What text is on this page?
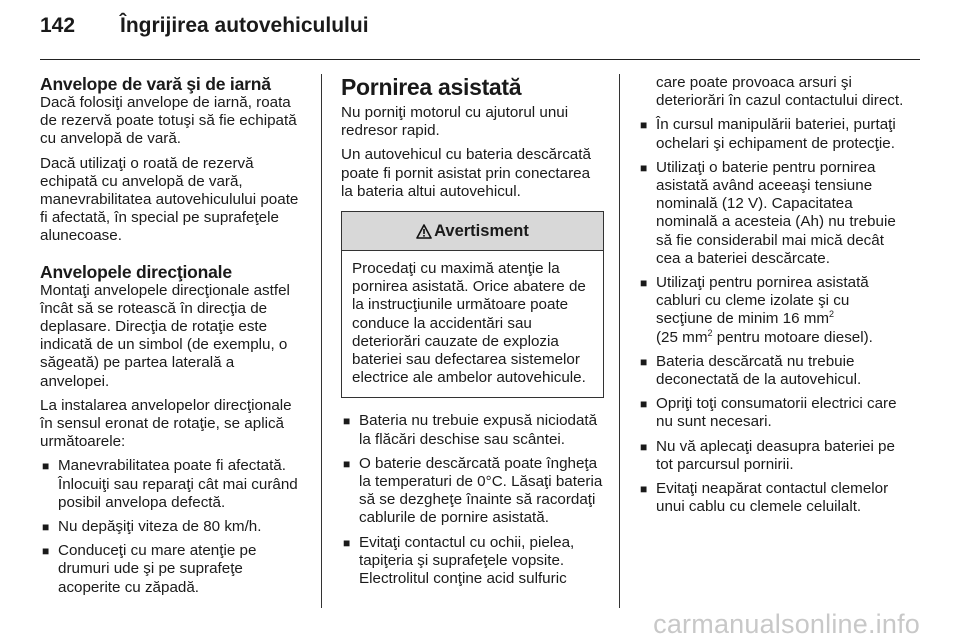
142	Îngrijirea autovehiculului
Anvelope de vară şi de iarnă

Dacă folosiţi anvelope de iarnă, roata de rezervă poate totuşi să fie echipată cu anvelopă de vară.

Dacă utilizaţi o roată de rezervă echipată cu anvelopă de vară, manevrabilitatea autovehiculului poate fi afectată, în special pe suprafeţele alunecoase.

Anvelopele direcţionale

Montaţi anvelopele direcţionale astfel încât să se rotească în direcţia de deplasare. Direcţia de rotaţie este indicată de un simbol (de exemplu, o săgeată) pe partea laterală a anvelopei.

La instalarea anvelopelor direcţionale în sensul eronat de rotaţie, se aplică următoarele:

■ Manevrabilitatea poate fi afectată. Înlocuiţi sau reparaţi cât mai curând posibil anvelopa defectă.
■ Nu depăşiţi viteza de 80 km/h.
■ Conduceţi cu mare atenţie pe drumuri ude şi pe suprafeţe acoperite cu zăpadă.
Pornirea asistată

Nu porniţi motorul cu ajutorul unui redresor rapid.

Un autovehicul cu bateria descărcată poate fi pornit asistat prin conectarea la bateria altui autovehicul.

Avertisment
Procedaţi cu maximă atenţie la pornirea asistată. Orice abatere de la instrucţiunile următoare poate conduce la accidentări sau deteriorări cauzate de explozia bateriei sau defectarea sistemelor electrice ale ambelor autovehicule.
■ Bateria nu trebuie expusă niciodată la flăcări deschise sau scântei.
■ O baterie descărcată poate îngheţa la temperaturi de 0°C. Lăsaţi bateria să se dezgheţe înainte să racordaţi cablurile de pornire asistată.
■ Evitaţi contactul cu ochii, pielea, tapiţeria şi suprafeţele vopsite. Electrolitul conţine acid sulfuric

care poate provoaca arsuri şi deteriorări în cazul contactului direct.

■ În cursul manipulării bateriei, purtaţi ochelari şi echipament de protecţie.
■ Utilizaţi o baterie pentru pornirea asistată având aceeaşi tensiune nominală (12 V). Capacitatea nominală a acesteia (Ah) nu trebuie să fie considerabil mai mică decât cea a bateriei descărcate.
■ Utilizaţi pentru pornirea asistată cabluri cu cleme izolate şi cu secţiune de minim 16 $mm^2$
(25 $mm^2$ pentru motoare diesel).
■ Bateria descărcată nu trebuie deconectată de la autovehicul.
■ Opriţi toţi consumatorii electrici care nu sunt necesari.
■ Nu vă aplecaţi deasupra bateriei pe tot parcursul pornirii.
■ Evitaţi neapărat contactul clemelor unui cablu cu clemele celuilalt.
carmanualsonline.info
